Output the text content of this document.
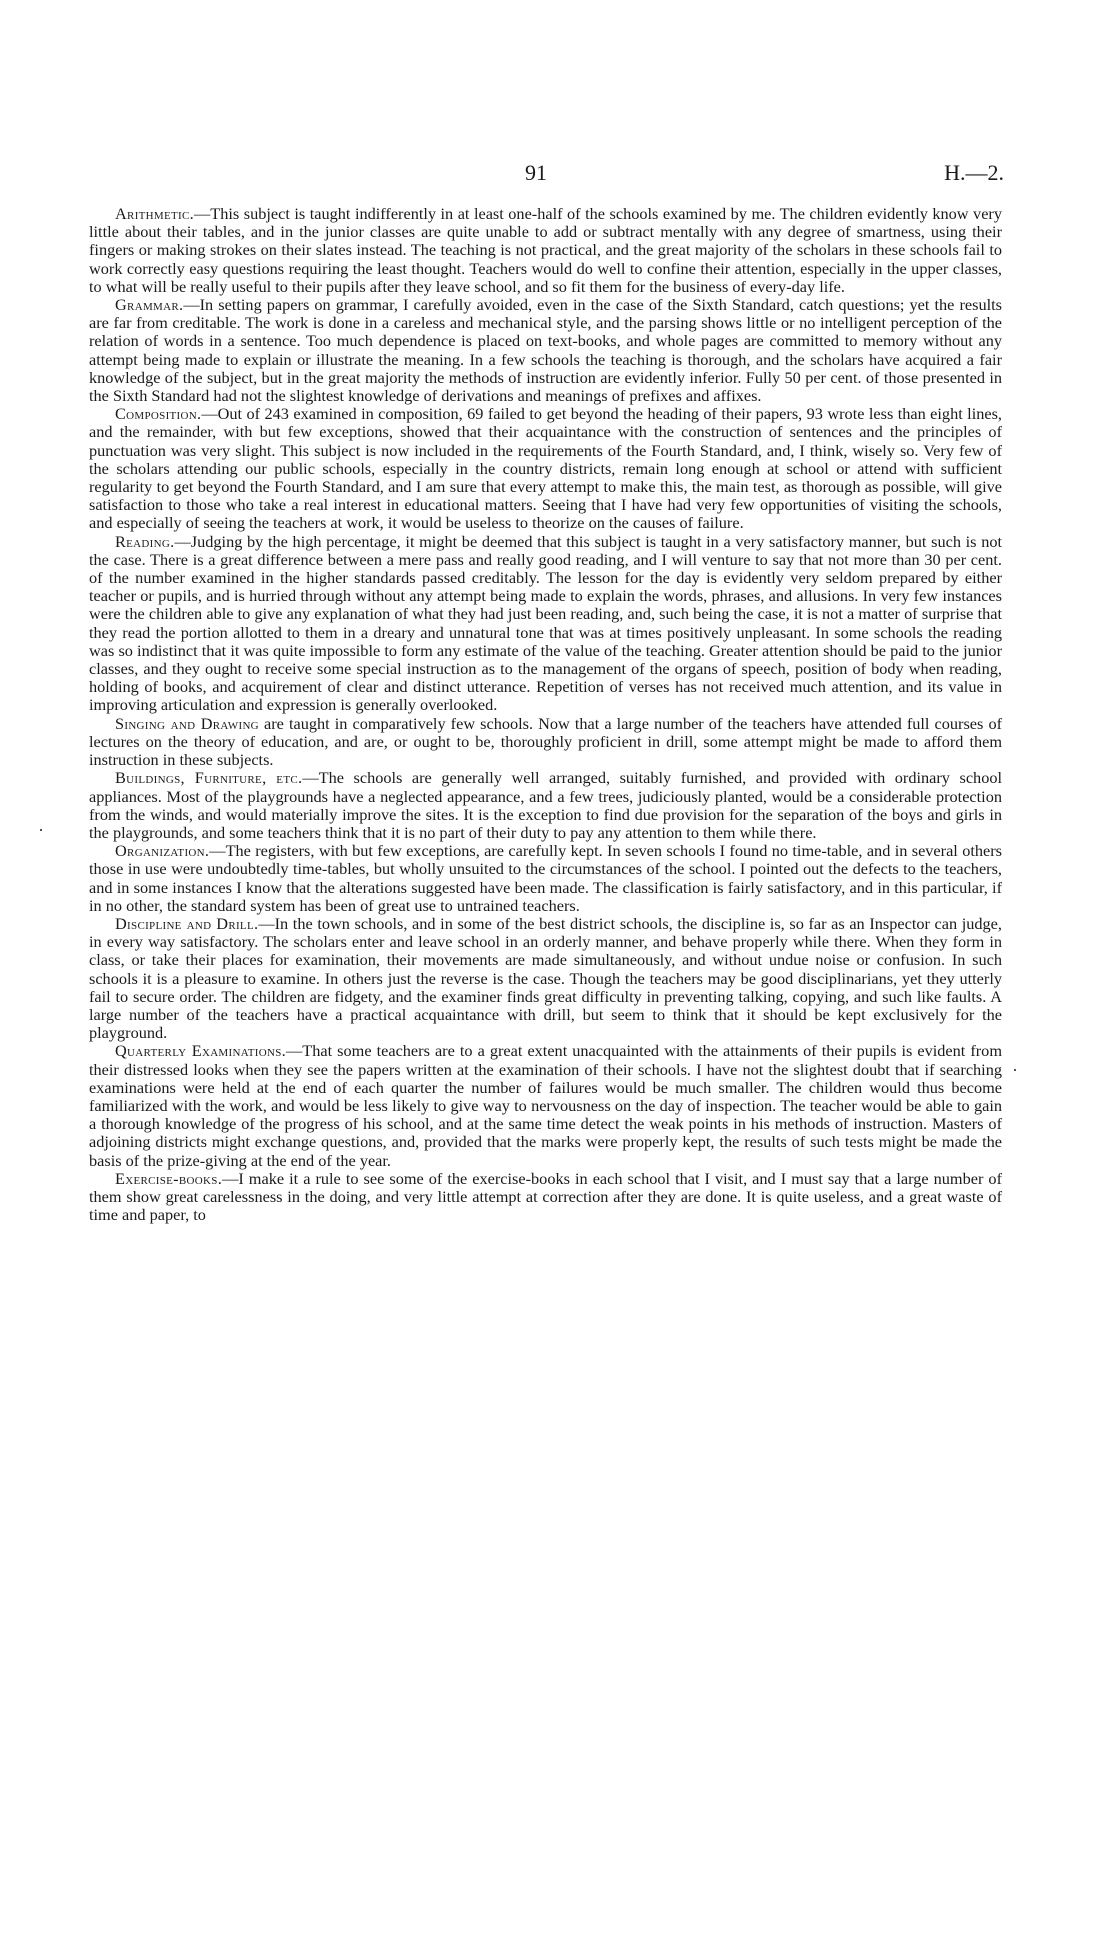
91	H.—2.
·
·

Arithmetic.—This subject is taught indifferently in at least one-half of the schools examined by me. The children evidently know very little about their tables, and in the junior classes are quite unable to add or subtract mentally with any degree of smartness, using their fingers or making strokes on their slates instead. The teaching is not practical, and the great majority of the scholars in these schools fail to work correctly easy questions requiring the least thought. Teachers would do well to confine their attention, especially in the upper classes, to what will be really useful to their pupils after they leave school, and so fit them for the business of every-day life.

Grammar.—In setting papers on grammar, I carefully avoided, even in the case of the Sixth Standard, catch questions; yet the results are far from creditable. The work is done in a careless and mechanical style, and the parsing shows little or no intelligent perception of the relation of words in a sentence. Too much dependence is placed on text-books, and whole pages are committed to memory without any attempt being made to explain or illustrate the meaning. In a few schools the teaching is thorough, and the scholars have acquired a fair knowledge of the subject, but in the great majority the methods of instruction are evidently inferior. Fully 50 per cent. of those presented in the Sixth Standard had not the slightest knowledge of derivations and meanings of prefixes and affixes.

Composition.—Out of 243 examined in composition, 69 failed to get beyond the heading of their papers, 93 wrote less than eight lines, and the remainder, with but few exceptions, showed that their acquaintance with the construction of sentences and the principles of punctuation was very slight. This subject is now included in the requirements of the Fourth Standard, and, I think, wisely so. Very few of the scholars attending our public schools, especially in the country districts, remain long enough at school or attend with sufficient regularity to get beyond the Fourth Standard, and I am sure that every attempt to make this, the main test, as thorough as possible, will give satisfaction to those who take a real interest in educational matters. Seeing that I have had very few opportunities of visiting the schools, and especially of seeing the teachers at work, it would be useless to theorize on the causes of failure.

Reading.—Judging by the high percentage, it might be deemed that this subject is taught in a very satisfactory manner, but such is not the case. There is a great difference between a mere pass and really good reading, and I will venture to say that not more than 30 per cent. of the number examined in the higher standards passed creditably. The lesson for the day is evidently very seldom prepared by either teacher or pupils, and is hurried through without any attempt being made to explain the words, phrases, and allusions. In very few instances were the children able to give any explanation of what they had just been reading, and, such being the case, it is not a matter of surprise that they read the portion allotted to them in a dreary and unnatural tone that was at times positively unpleasant. In some schools the reading was so indistinct that it was quite impossible to form any estimate of the value of the teaching. Greater attention should be paid to the junior classes, and they ought to receive some special instruction as to the management of the organs of speech, position of body when reading, holding of books, and acquirement of clear and distinct utterance. Repetition of verses has not received much attention, and its value in improving articulation and expression is generally overlooked.

Singing and Drawing are taught in comparatively few schools. Now that a large number of the teachers have attended full courses of lectures on the theory of education, and are, or ought to be, thoroughly proficient in drill, some attempt might be made to afford them instruction in these subjects.

Buildings, Furniture, etc.—The schools are generally well arranged, suitably furnished, and provided with ordinary school appliances. Most of the playgrounds have a neglected appearance, and a few trees, judiciously planted, would be a considerable protection from the winds, and would materially improve the sites. It is the exception to find due provision for the separation of the boys and girls in the playgrounds, and some teachers think that it is no part of their duty to pay any attention to them while there.

Organization.—The registers, with but few exceptions, are carefully kept. In seven schools I found no time-table, and in several others those in use were undoubtedly time-tables, but wholly unsuited to the circumstances of the school. I pointed out the defects to the teachers, and in some instances I know that the alterations suggested have been made. The classification is fairly satisfactory, and in this particular, if in no other, the standard system has been of great use to untrained teachers.

Discipline and Drill.—In the town schools, and in some of the best district schools, the discipline is, so far as an Inspector can judge, in every way satisfactory. The scholars enter and leave school in an orderly manner, and behave properly while there. When they form in class, or take their places for examination, their movements are made simultaneously, and without undue noise or confusion. In such schools it is a pleasure to examine. In others just the reverse is the case. Though the teachers may be good disciplinarians, yet they utterly fail to secure order. The children are fidgety, and the examiner finds great difficulty in preventing talking, copying, and such like faults. A large number of the teachers have a practical acquaintance with drill, but seem to think that it should be kept exclusively for the playground.

Quarterly Examinations.—That some teachers are to a great extent unacquainted with the attainments of their pupils is evident from their distressed looks when they see the papers written at the examination of their schools. I have not the slightest doubt that if searching examinations were held at the end of each quarter the number of failures would be much smaller. The children would thus become familiarized with the work, and would be less likely to give way to nervousness on the day of inspection. The teacher would be able to gain a thorough knowledge of the progress of his school, and at the same time detect the weak points in his methods of instruction. Masters of adjoining districts might exchange questions, and, provided that the marks were properly kept, the results of such tests might be made the basis of the prize-giving at the end of the year.

Exercise-books.—I make it a rule to see some of the exercise-books in each school that I visit, and I must say that a large number of them show great carelessness in the doing, and very little attempt at correction after they are done. It is quite useless, and a great waste of time and paper, to
